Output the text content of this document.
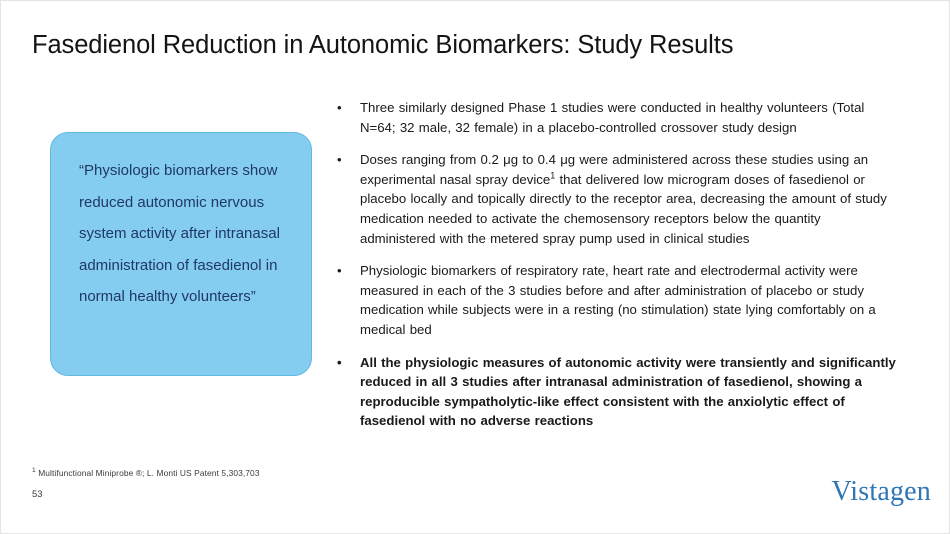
Fasedienol Reduction in Autonomic Biomarkers: Study Results
“Physiologic biomarkers show reduced autonomic nervous system activity after intranasal administration of fasedienol in normal healthy volunteers”
• Three similarly designed Phase 1 studies were conducted in healthy volunteers (Total N=64; 32 male, 32 female) in a placebo-controlled crossover study design
• Doses ranging from 0.2 μg to 0.4 μg were administered across these studies using an experimental nasal spray device$^1$ that delivered low microgram doses of fasedienol or placebo locally and topically directly to the receptor area, decreasing the amount of study medication needed to activate the chemosensory receptors below the quantity administered with the metered spray pump used in clinical studies
• Physiologic biomarkers of respiratory rate, heart rate and electrodermal activity were measured in each of the 3 studies before and after administration of placebo or study medication while subjects were in a resting (no stimulation) state lying comfortably on a medical bed
• All the physiologic measures of autonomic activity were transiently and significantly reduced in all 3 studies after intranasal administration of fasedienol, showing a reproducible sympatholytic-like effect consistent with the anxiolytic effect of fasedienol with no adverse reactions
$^1$ Multifunctional Miniprobe ®; L. Monti US Patent 5,303,703
53	Vistagen
